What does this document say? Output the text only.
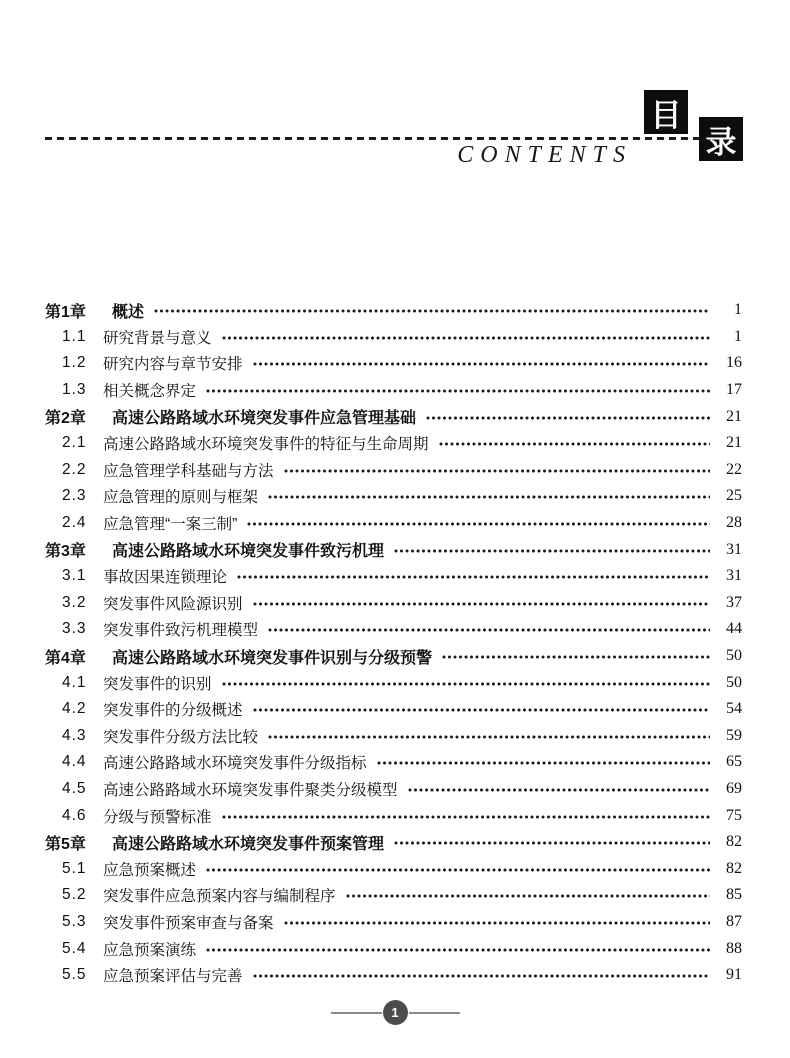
目
录
CONTENTS
第1章	概述	1
1.1	研究背景与意义	1
1.2	研究内容与章节安排	16
1.3	相关概念界定	17
第2章	高速公路路域水环境突发事件应急管理基础	21
2.1	高速公路路域水环境突发事件的特征与生命周期	21
2.2	应急管理学科基础与方法	22
2.3	应急管理的原则与框架	25
2.4	应急管理“一案三制”	28
第3章	高速公路路域水环境突发事件致污机理	31
3.1	事故因果连锁理论	31
3.2	突发事件风险源识别	37
3.3	突发事件致污机理模型	44
第4章	高速公路路域水环境突发事件识别与分级预警	50
4.1	突发事件的识别	50
4.2	突发事件的分级概述	54
4.3	突发事件分级方法比较	59
4.4	高速公路路域水环境突发事件分级指标	65
4.5	高速公路路域水环境突发事件聚类分级模型	69
4.6	分级与预警标准	75
第5章	高速公路路域水环境突发事件预案管理	82
5.1	应急预案概述	82
5.2	突发事件应急预案内容与编制程序	85
5.3	突发事件预案审查与备案	87
5.4	应急预案演练	88
5.5	应急预案评估与完善	91
1
